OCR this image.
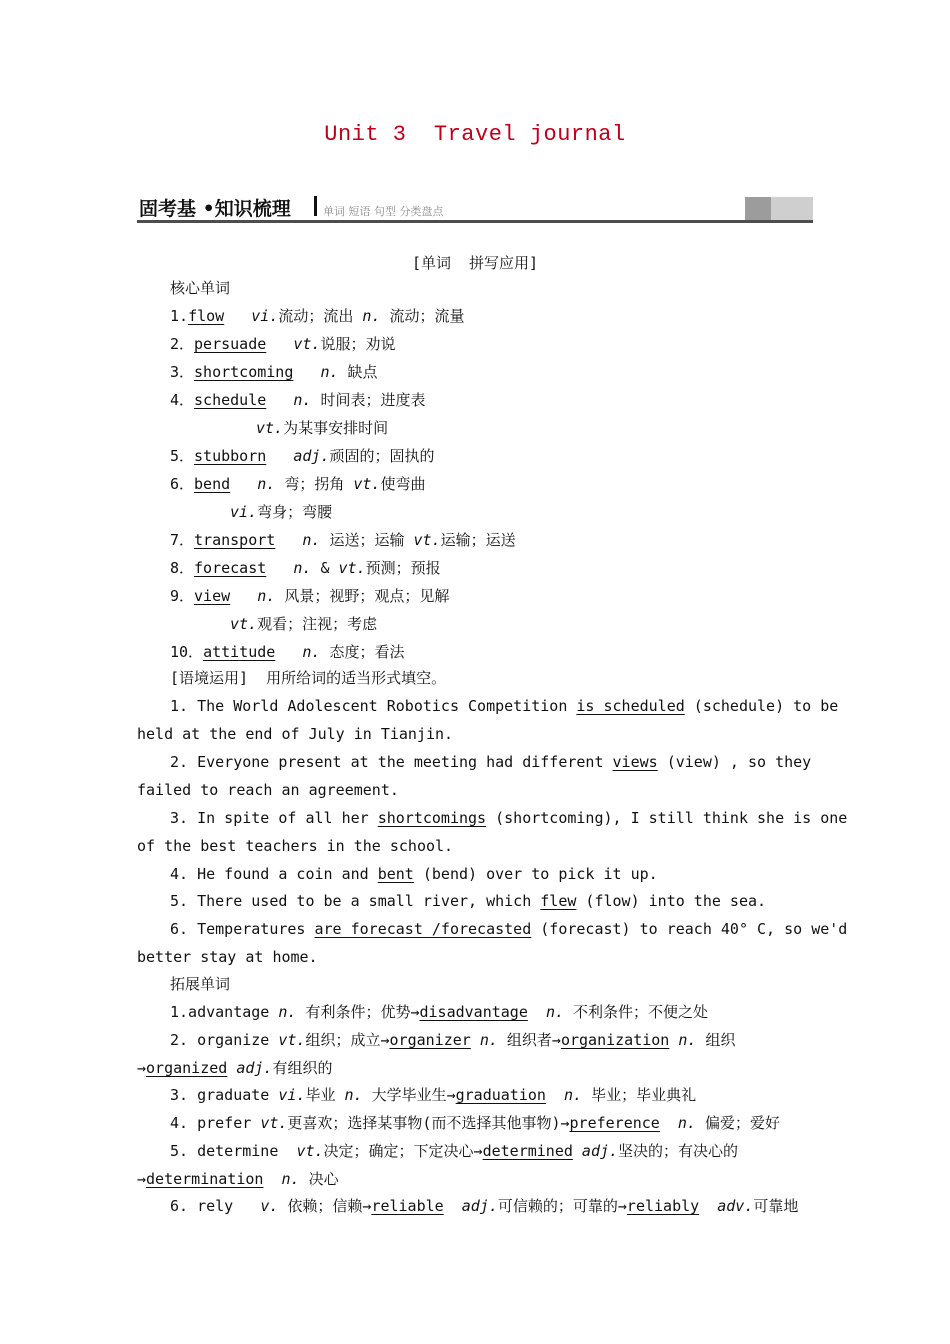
Unit 3  Travel journal
固考基 •知识梳理	单词 短语 句型 分类盘点
[单词  拼写应用]
核心单词
1.flow vi.流动；流出 n. 流动；流量
2．persuade vt.说服；劝说
3．shortcoming n. 缺点
4．schedule n. 时间表；进度表
vt.为某事安排时间
5．stubborn adj.顽固的；固执的
6．bend n. 弯；拐角 vt.使弯曲
vi.弯身；弯腰
7．transport n. 运送；运输 vt.运输；运送
8．forecast n. & vt.预测；预报
9．view n. 风景；视野；观点；见解
vt.观看；注视；考虑
10．attitude n. 态度；看法
[语境运用]  用所给词的适当形式填空。
1. The World Adolescent Robotics Competition is scheduled (schedule) to be
held at the end of July in Tianjin.
2. Everyone present at the meeting had different views (view) , so they
failed to reach an agreement.
3. In spite of all her shortcomings (shortcoming), I still think she is one
of the best teachers in the school.
4. He found a coin and bent (bend) over to pick it up.
5. There used to be a small river, which flew (flow) into the sea.
6. Temperatures are forecast /forecasted (forecast) to reach 40° C, so we'd
better stay at home.
拓展单词
1.advantage n. 有利条件；优势→disadvantage n. 不利条件；不便之处
2. organize vt.组织；成立→organizer n. 组织者→organization n. 组织
→organized adj.有组织的
3. graduate vi.毕业 n. 大学毕业生→graduation n. 毕业；毕业典礼
4. prefer vt.更喜欢；选择某事物(而不选择其他事物)→preference n. 偏爱；爱好
5. determine  vt.决定；确定；下定决心→determined adj.坚决的；有决心的
→determination n. 决心
6. rely   v. 依赖；信赖→reliable adj.可信赖的；可靠的→reliably adv.可靠地
